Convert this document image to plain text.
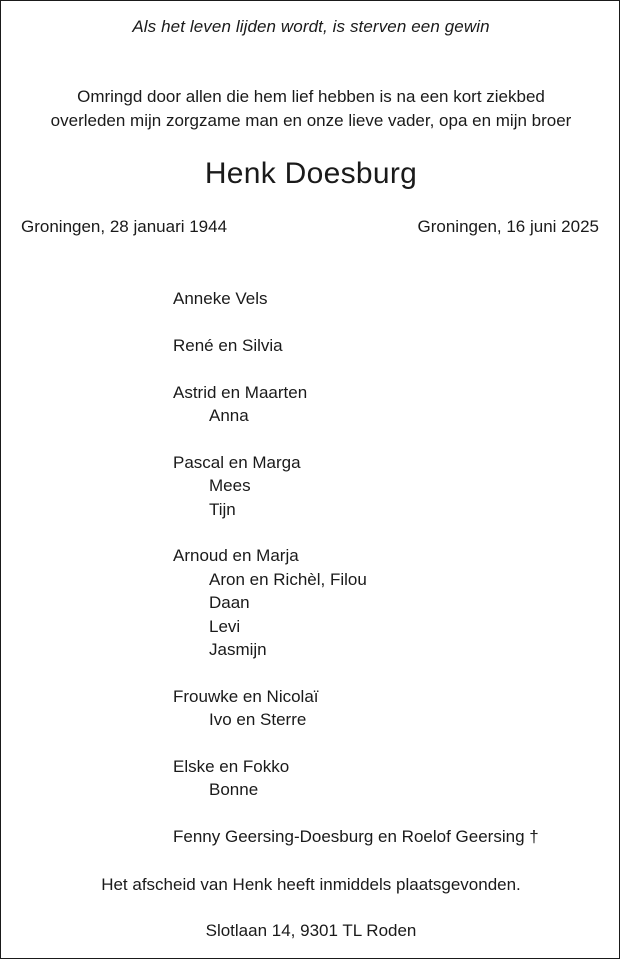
Als het leven lijden wordt, is sterven een gewin
Omringd door allen die hem lief hebben is na een kort ziekbed
overleden mijn zorgzame man en onze lieve vader, opa en mijn broer
Henk Doesburg
Groningen, 28 januari 1944	Groningen, 16 juni 2025
Anneke Vels
René en Silvia
Astrid en Maarten
Anna
Pascal en Marga
Mees
Tijn
Arnoud en Marja
Aron en Richèl, Filou
Daan
Levi
Jasmijn
Frouwke en Nicolaï
Ivo en Sterre
Elske en Fokko
Bonne
Fenny Geersing-Doesburg en Roelof Geersing †
Het afscheid van Henk heeft inmiddels plaatsgevonden.
Slotlaan 14, 9301 TL Roden
